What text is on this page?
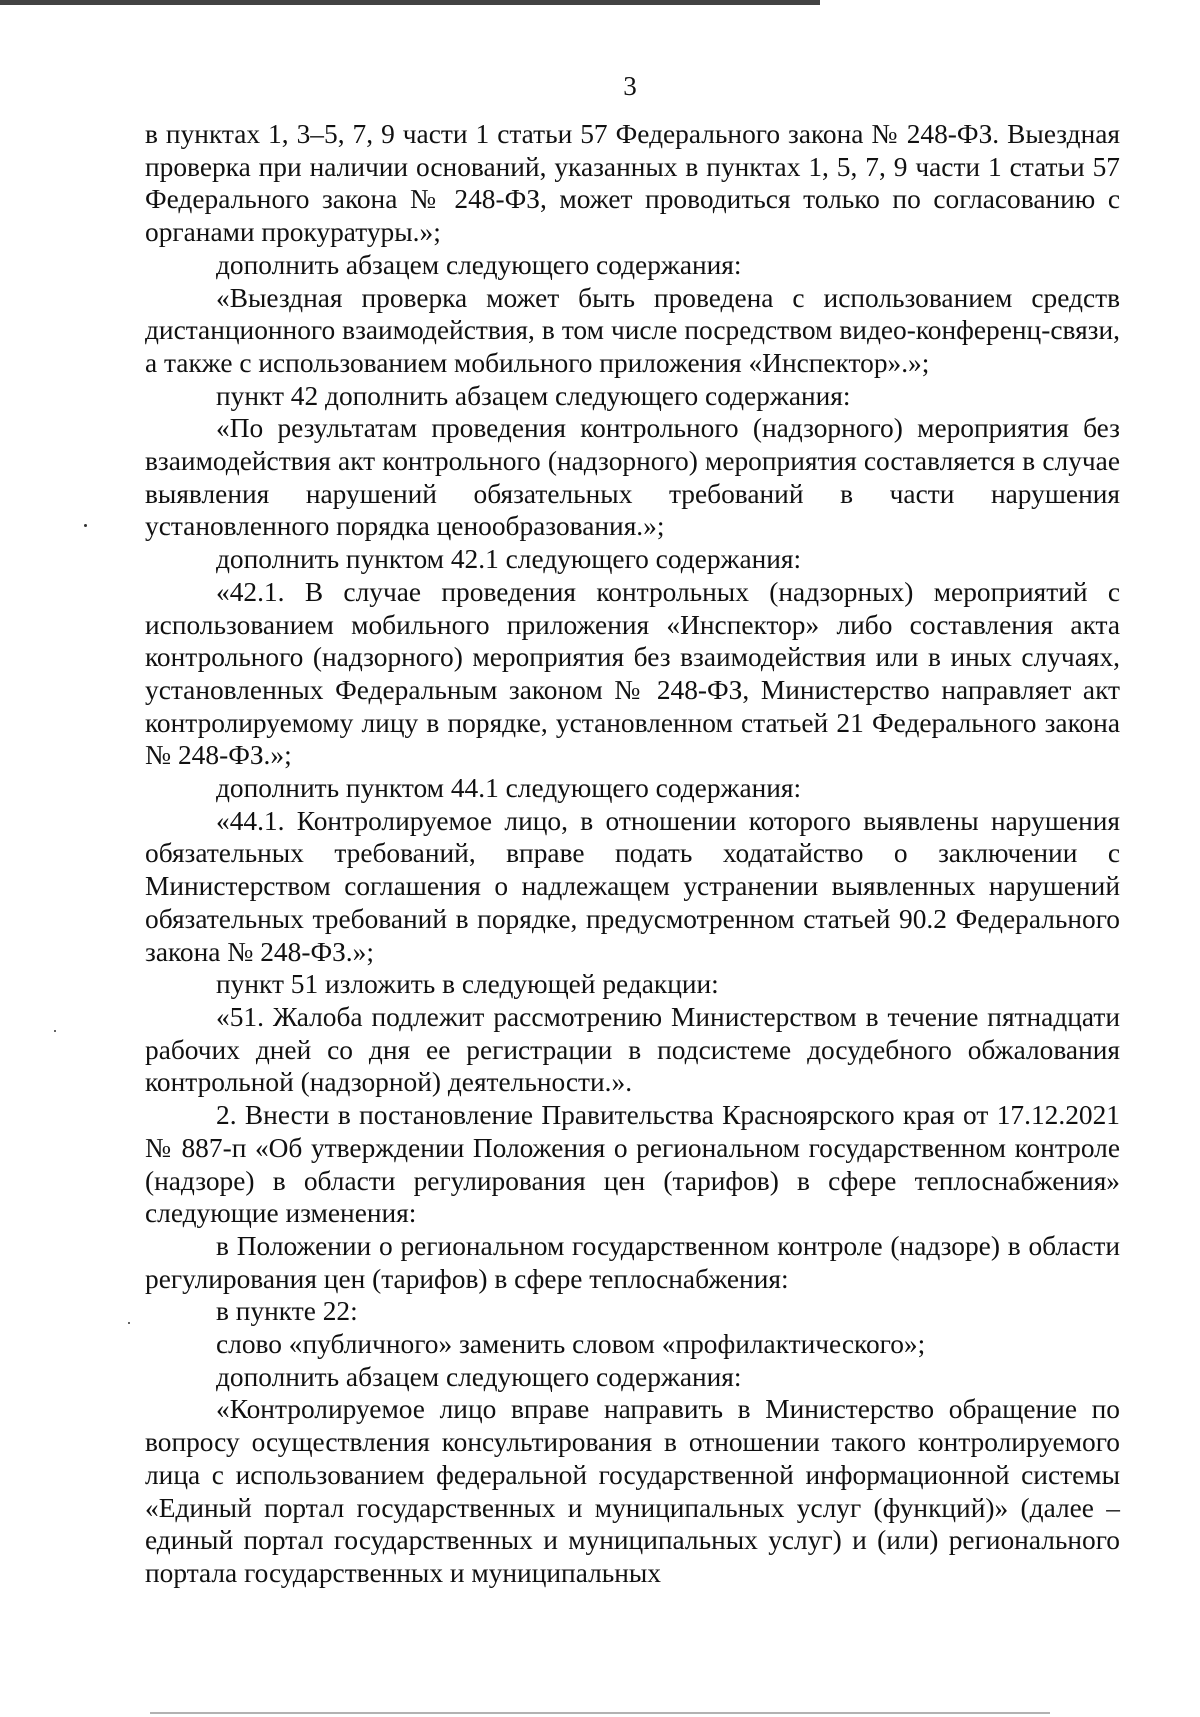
3

в пунктах 1, 3–5, 7, 9 части 1 статьи 57 Федерального закона № 248-ФЗ. Выездная проверка при наличии оснований, указанных в пунктах 1, 5, 7, 9 части 1 статьи 57 Федерального закона № 248-ФЗ, может проводиться только по согласованию с органами прокуратуры.»;

дополнить абзацем следующего содержания:

«Выездная проверка может быть проведена с использованием средств дистанционного взаимодействия, в том числе посредством видео-конференц-связи, а также с использованием мобильного приложения «Инспектор».»;

пункт 42 дополнить абзацем следующего содержания:

«По результатам проведения контрольного (надзорного) мероприятия без взаимодействия акт контрольного (надзорного) мероприятия составляется в случае выявления нарушений обязательных требований в части нарушения установленного порядка ценообразования.»;

дополнить пунктом 42.1 следующего содержания:

«42.1. В случае проведения контрольных (надзорных) мероприятий с использованием мобильного приложения «Инспектор» либо составления акта контрольного (надзорного) мероприятия без взаимодействия или в иных случаях, установленных Федеральным законом № 248-ФЗ, Министерство направляет акт контролируемому лицу в порядке, установленном статьей 21 Федерального закона № 248-ФЗ.»;

дополнить пунктом 44.1 следующего содержания:

«44.1. Контролируемое лицо, в отношении которого выявлены нарушения обязательных требований, вправе подать ходатайство о заключении с Министерством соглашения о надлежащем устранении выявленных нарушений обязательных требований в порядке, предусмотренном статьей 90.2 Федерального закона № 248-ФЗ.»;

пункт 51 изложить в следующей редакции:

«51. Жалоба подлежит рассмотрению Министерством в течение пятнадцати рабочих дней со дня ее регистрации в подсистеме досудебного обжалования контрольной (надзорной) деятельности.».

2. Внести в постановление Правительства Красноярского края от 17.12.2021 № 887-п «Об утверждении Положения о региональном государственном контроле (надзоре) в области регулирования цен (тарифов) в сфере теплоснабжения» следующие изменения:

в Положении о региональном государственном контроле (надзоре) в области регулирования цен (тарифов) в сфере теплоснабжения:

в пункте 22:

слово «публичного» заменить словом «профилактического»;

дополнить абзацем следующего содержания:

«Контролируемое лицо вправе направить в Министерство обращение по вопросу осуществления консультирования в отношении такого контролируемого лица с использованием федеральной государственной информационной системы «Единый портал государственных и муниципальных услуг (функций)» (далее – единый портал государственных и муниципальных услуг) и (или) регионального портала государственных и муниципальных
